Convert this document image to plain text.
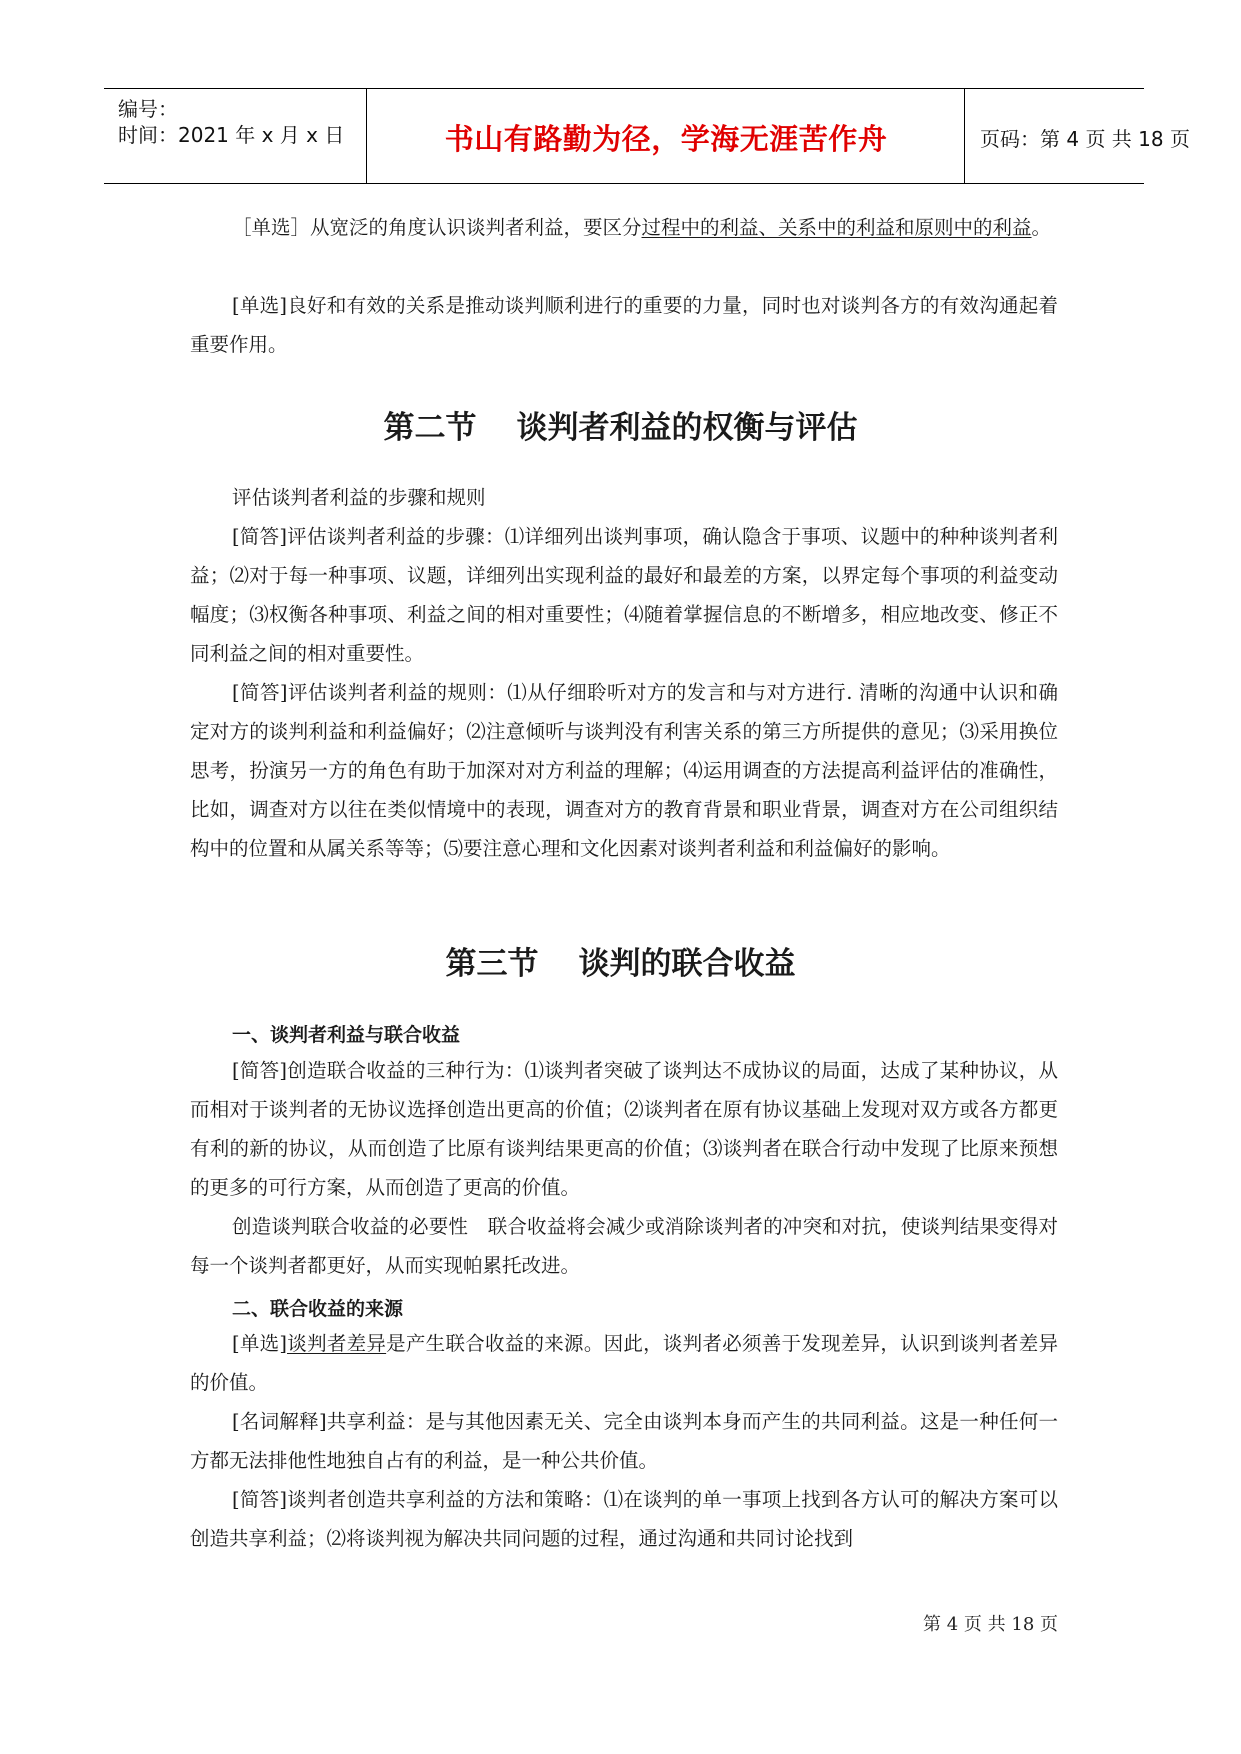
编号：
时间：2021 年 x 月 x 日	书山有路勤为径，学海无涯苦作舟	页码：第 4 页 共 18 页

［单选］从宽泛的角度认识谈判者利益，要区分过程中的利益、关系中的利益和原则中的利益。

[单选]良好和有效的关系是推动谈判顺利进行的重要的力量，同时也对谈判各方的有效沟通起着重要作用。

第二节 谈判者利益的权衡与评估

评估谈判者利益的步骤和规则

[简答]评估谈判者利益的步骤：⑴详细列出谈判事项，确认隐含于事项、议题中的种种谈判者利益；⑵对于每一种事项、议题，详细列出实现利益的最好和最差的方案，以界定每个事项的利益变动幅度；⑶权衡各种事项、利益之间的相对重要性；⑷随着掌握信息的不断增多，相应地改变、修正不同利益之间的相对重要性。

[简答]评估谈判者利益的规则：⑴从仔细聆听对方的发言和与对方进行. 清晰的沟通中认识和确定对方的谈判利益和利益偏好；⑵注意倾听与谈判没有利害关系的第三方所提供的意见；⑶采用换位思考，扮演另一方的角色有助于加深对对方利益的理解；⑷运用调查的方法提高利益评估的准确性，比如，调查对方以往在类似情境中的表现，调查对方的教育背景和职业背景，调查对方在公司组织结构中的位置和从属关系等等；⑸要注意心理和文化因素对谈判者利益和利益偏好的影响。

第三节 谈判的联合收益
一、谈判者利益与联合收益

[简答]创造联合收益的三种行为：⑴谈判者突破了谈判达不成协议的局面，达成了某种协议，从而相对于谈判者的无协议选择创造出更高的价值；⑵谈判者在原有协议基础上发现对双方或各方都更有利的新的协议，从而创造了比原有谈判结果更高的价值；⑶谈判者在联合行动中发现了比原来预想的更多的可行方案，从而创造了更高的价值。

创造谈判联合收益的必要性　联合收益将会减少或消除谈判者的冲突和对抗，使谈判结果变得对每一个谈判者都更好，从而实现帕累托改进。

二、联合收益的来源

[单选]谈判者差异是产生联合收益的来源。因此，谈判者必须善于发现差异，认识到谈判者差异的价值。

[名词解释]共享利益：是与其他因素无关、完全由谈判本身而产生的共同利益。这是一种任何一方都无法排他性地独自占有的利益，是一种公共价值。

[简答]谈判者创造共享利益的方法和策略：⑴在谈判的单一事项上找到各方认可的解决方案可以创造共享利益；⑵将谈判视为解决共同问题的过程，通过沟通和共同讨论找到

第 4 页 共 18 页
